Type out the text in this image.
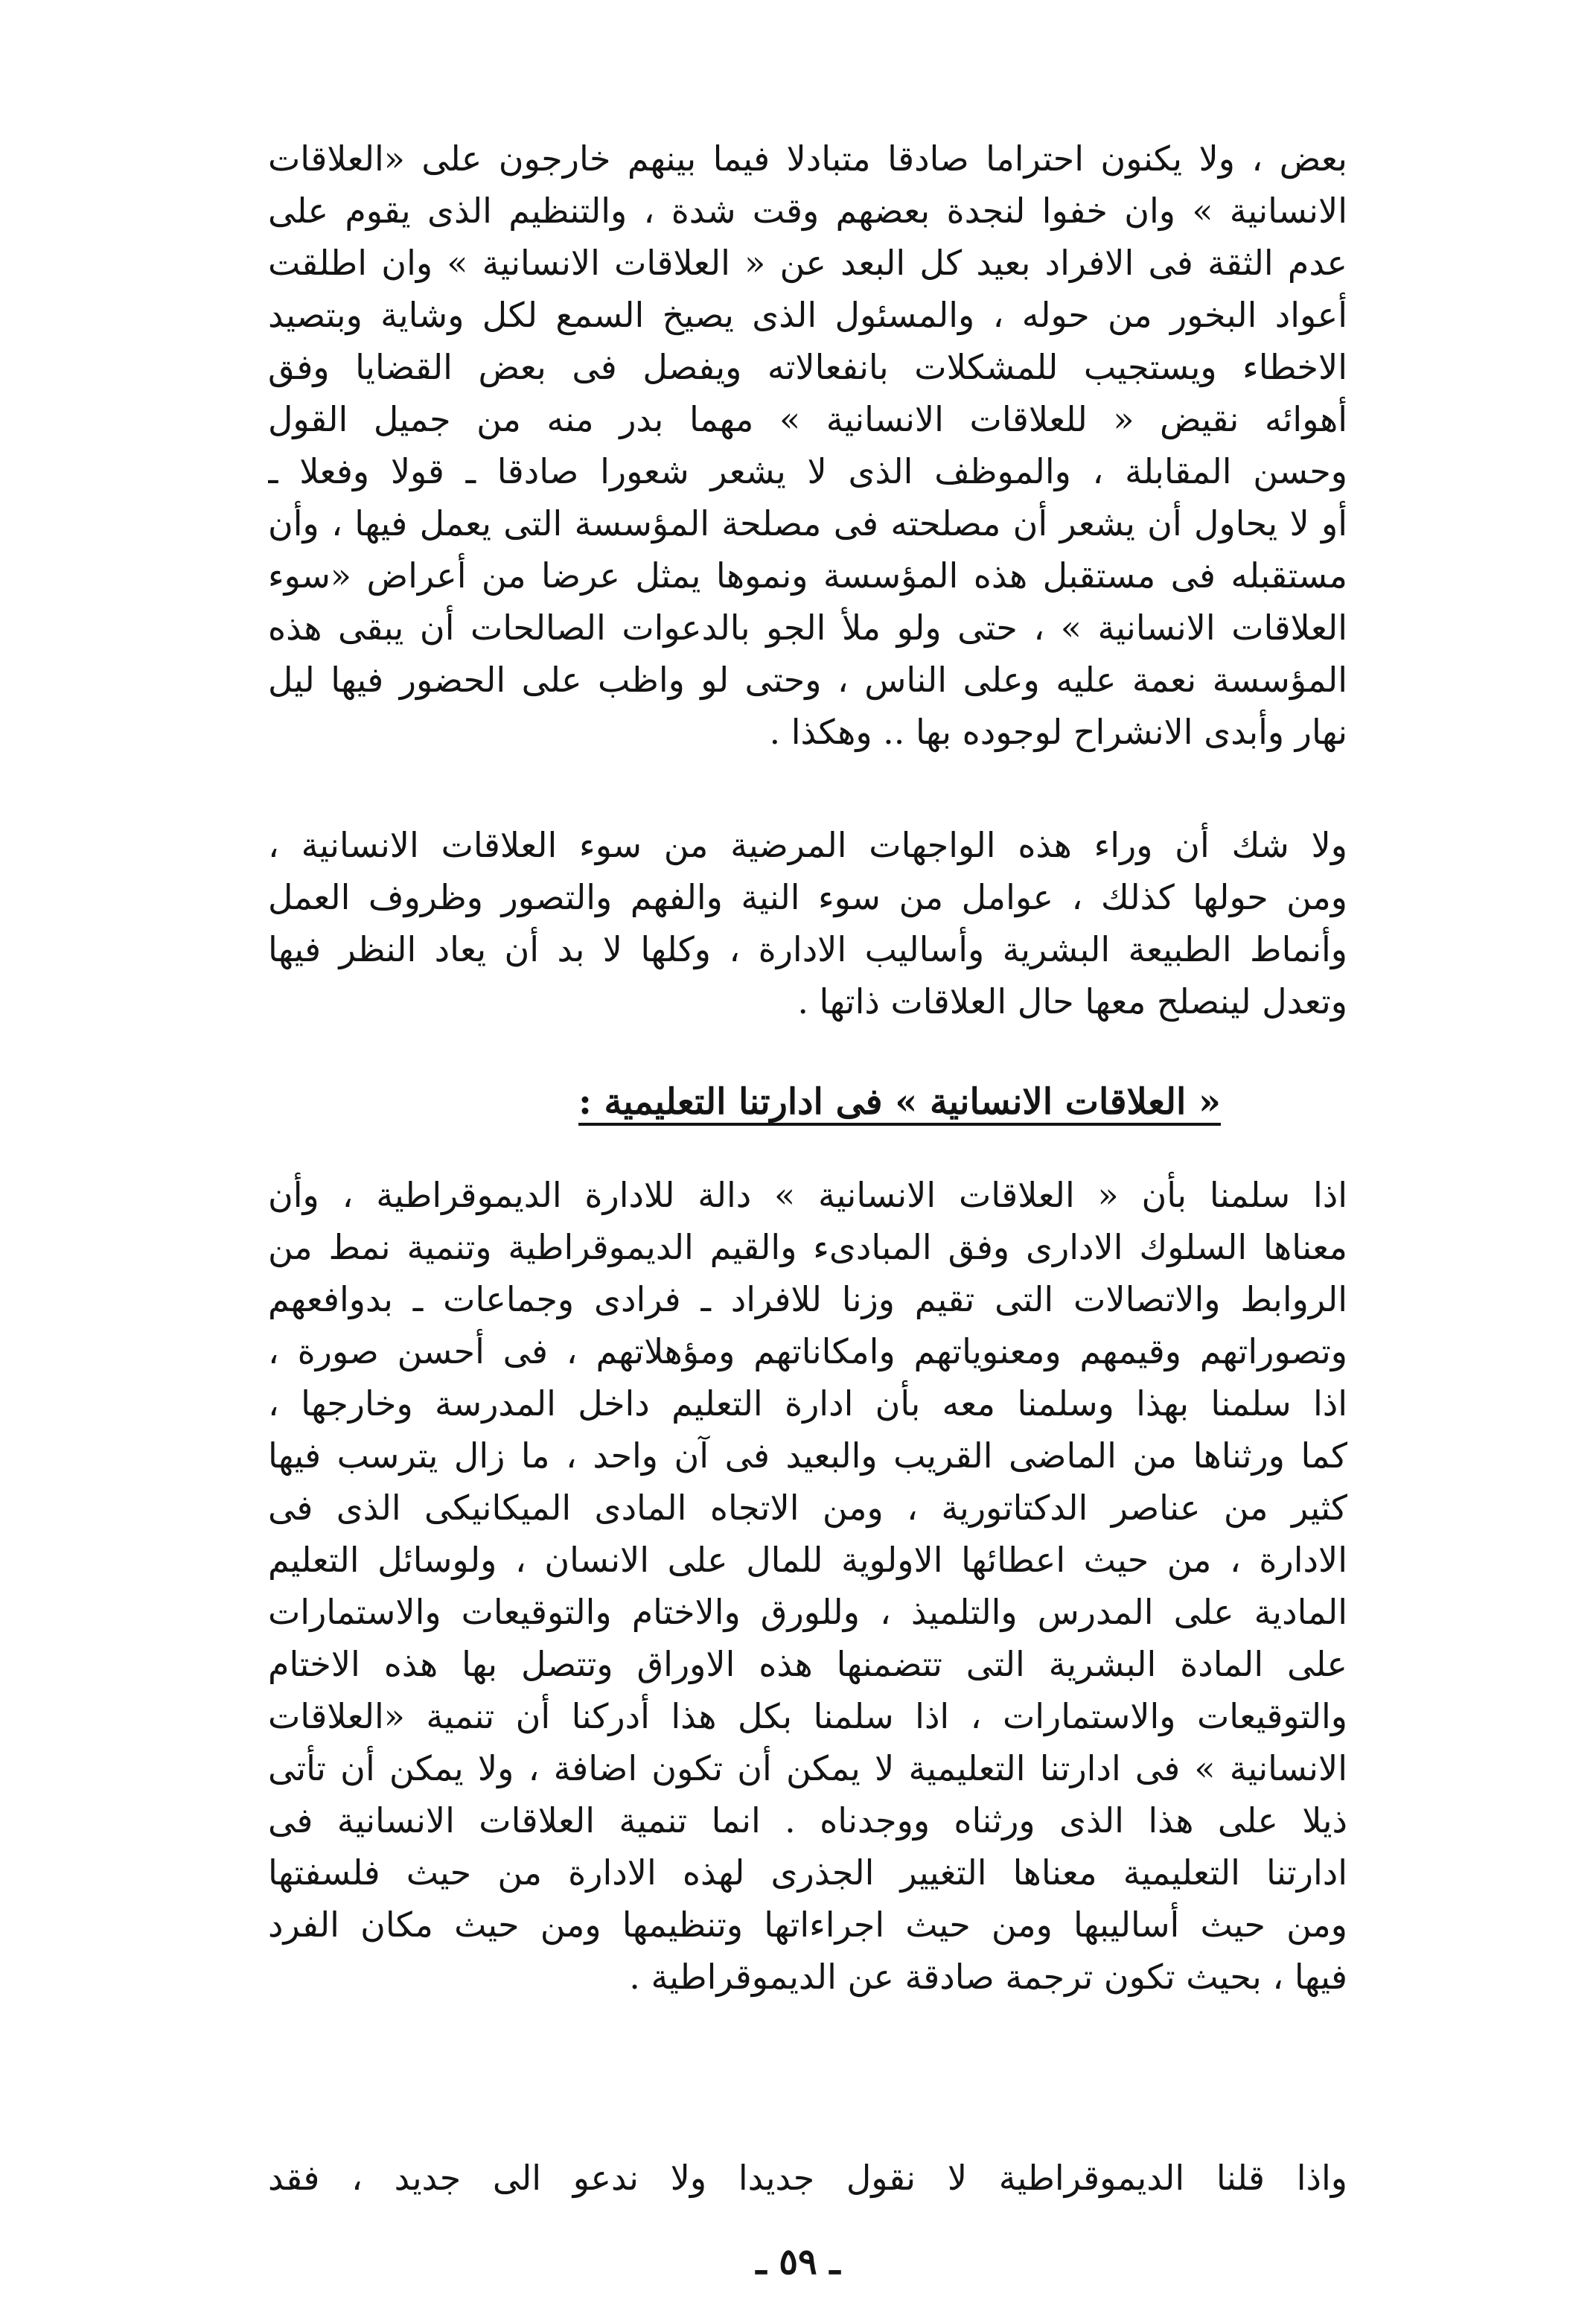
بعض ، ولا يكنون احتراما صادقا متبادلا فيما بينهم خارجون على «العلاقات
الانسانية » وان خفوا لنجدة بعضهم وقت شدة ، والتنظيم الذى يقوم على
عدم الثقة فى الافراد بعيد كل البعد عن « العلاقات الانسانية » وان اطلقت
أعواد البخور من حوله ، والمسئول الذى يصيخ السمع لكل وشاية وبتصيد
الاخطاء ويستجيب للمشكلات بانفعالاته ويفصل فى بعض القضايا وفق
أهوائه نقيض « للعلاقات الانسانية » مهما بدر منه من جميل القول
وحسن المقابلة ، والموظف الذى لا يشعر شعورا صادقا ـ قولا وفعلا ـ
أو لا يحاول أن يشعر أن مصلحته فى مصلحة المؤسسة التى يعمل فيها ، وأن
مستقبله فى مستقبل هذه المؤسسة ونموها يمثل عرضا من أعراض «سوء
العلاقات الانسانية » ، حتى ولو ملأ الجو بالدعوات الصالحات أن يبقى هذه
المؤسسة نعمة عليه وعلى الناس ، وحتى لو واظب على الحضور فيها ليل
نهار وأبدى الانشراح لوجوده بها .. وهكذا .
ولا شك أن وراء هذه الواجهات المرضية من سوء العلاقات الانسانية ،
ومن حولها كذلك ، عوامل من سوء النية والفهم والتصور وظروف العمل
وأنماط الطبيعة البشرية وأساليب الادارة ، وكلها لا بد أن يعاد النظر فيها
وتعدل لينصلح معها حال العلاقات ذاتها .
« العلاقات الانسانية » فى ادارتنا التعليمية :
اذا سلمنا بأن « العلاقات الانسانية » دالة للادارة الديموقراطية ، وأن
معناها السلوك الادارى وفق المبادىء والقيم الديموقراطية وتنمية نمط من
الروابط والاتصالات التى تقيم وزنا للافراد ـ فرادى وجماعات ـ بدوافعهم
وتصوراتهم وقيمهم ومعنوياتهم وامكاناتهم ومؤهلاتهم ، فى أحسن صورة ،
اذا سلمنا بهذا وسلمنا معه بأن ادارة التعليم داخل المدرسة وخارجها ،
كما ورثناها من الماضى القريب والبعيد فى آن واحد ، ما زال يترسب فيها
كثير من عناصر الدكتاتورية ، ومن الاتجاه المادى الميكانيكى الذى فى
الادارة ، من حيث اعطائها الاولوية للمال على الانسان ، ولوسائل التعليم
المادية على المدرس والتلميذ ، وللورق والاختام والتوقيعات والاستمارات
على المادة البشرية التى تتضمنها هذه الاوراق وتتصل بها هذه الاختام
والتوقيعات والاستمارات ، اذا سلمنا بكل هذا أدركنا أن تنمية «العلاقات
الانسانية » فى ادارتنا التعليمية لا يمكن أن تكون اضافة ، ولا يمكن أن تأتى
ذيلا على هذا الذى ورثناه ووجدناه . انما تنمية العلاقات الانسانية فى
ادارتنا التعليمية معناها التغيير الجذرى لهذه الادارة من حيث فلسفتها
ومن حيث أساليبها ومن حيث اجراءاتها وتنظيمها ومن حيث مكان الفرد
فيها ، بحيث تكون ترجمة صادقة عن الديموقراطية .
واذا قلنا الديموقراطية لا نقول جديدا ولا ندعو الى جديد ، فقد
ـ ٥٩ ـ
